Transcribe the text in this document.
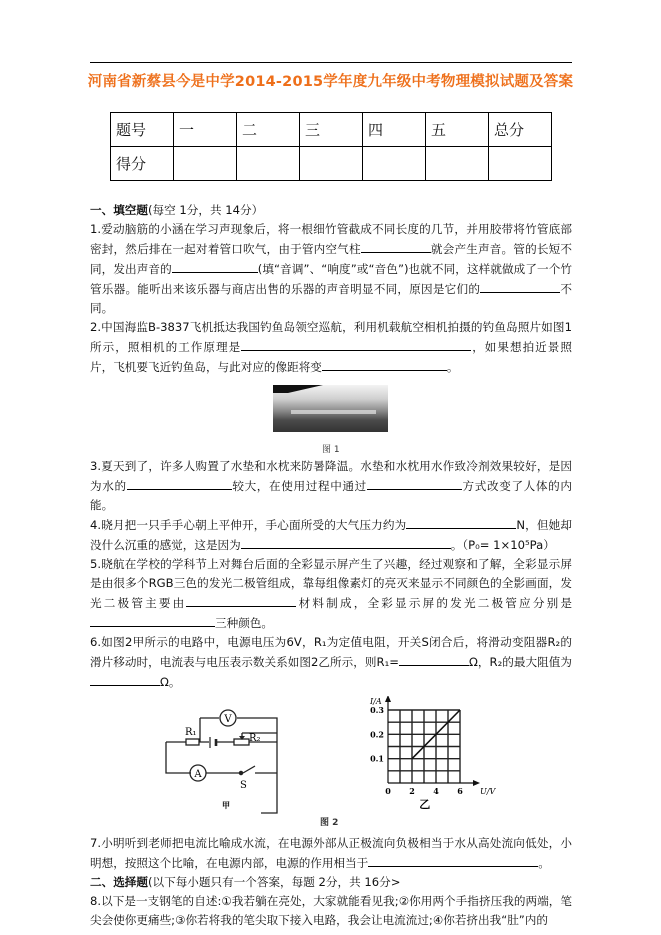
河南省新蔡县今是中学2014-2015学年度九年级中考物理模拟试题及答案
题号	一	二	三	四	五	总分
得分						

一、填空题(每空 1分，共 14分）

1.爱动脑筋的小涵在学习声现象后，将一根细竹管截成不同长度的几节，并用胶带将竹管底部密封，然后排在一起对着管口吹气，由于管内空气柱	就会产生声音。管的长短不同，发出声音的	(填“音调”、“响度”或“音色”)也就不同，这样就做成了一个竹管乐器。能听出来该乐器与商店出售的乐器的声音明显不同，原因是它们的	不同。

2.中国海监B-3837飞机抵达我国钓鱼岛领空巡航，利用机载航空相机拍摄的钓鱼岛照片如图1所示，照相机的工作原理是	，如果想拍近景照片，飞机要飞近钓鱼岛，与此对应的像距将变	。

图 1

3.夏天到了，许多人购置了水垫和水枕来防暑降温。水垫和水枕用水作致冷剂效果较好，是因为水的	较大，在使用过程中通过	方式改变了人体的内能。

4.晓月把一只手手心朝上平伸开，手心面所受的大气压力约为	N，但她却没什么沉重的感觉，这是因为	。（P₀= 1×10⁵Pa）

5.晓航在学校的学科节上对舞台后面的全彩显示屏产生了兴趣，经过观察和了解，全彩显示屏是由很多个RGB三色的发光二极管组成，靠每组像素灯的亮灭来显示不同颜色的全影画面，发光二极管主要由	材料制成，全彩显示屏的发光二极管应分别是三种颜色。

6.如图2甲所示的电路中，电源电压为6V，R₁为定值电阻，开关S闭合后，将滑动变阻器R₂的滑片移动时，电流表与电压表示数关系如图2乙所示，则R₁=	Ω，R₂的最大阻值为Ω。

V
A
R₁
R₂
S
甲
0 2 4 6
0.1
0.2
0.3
U/V
I/A
乙
图 2

7.小明听到老师把电流比喻成水流，在电源外部从正极流向负极相当于水从高处流向低处，小明想，按照这个比喻，在电源内部，电源的作用相当于	。

二、选择题(以下每小题只有一个答案，每题 2分，共 16分>

8.以下是一支钢笔的自述:①我若躺在亮处，大家就能看见我;②你用两个手指挤压我的两端，笔尖会使你更痛些;③你若将我的笔尖取下接入电路，我会让电流流过;④你若挤出我“肚”内的
